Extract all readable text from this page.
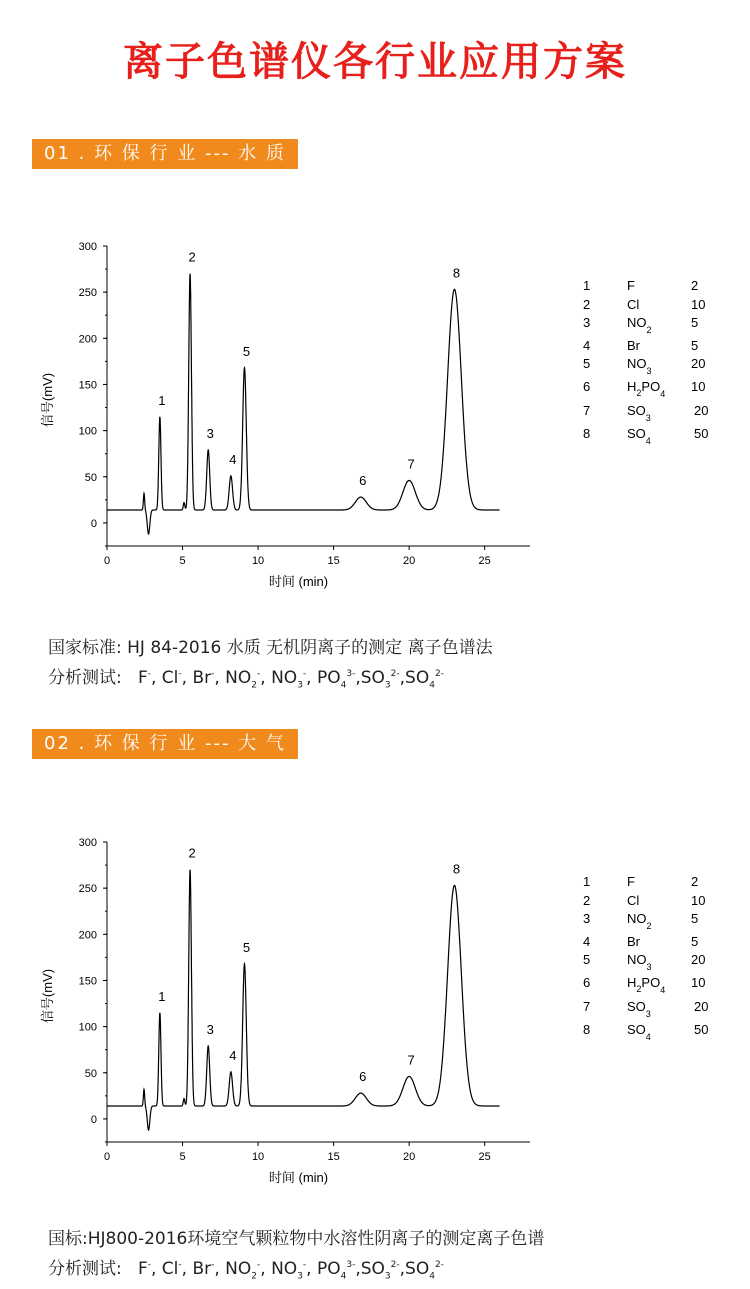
离子色谱仪各行业应用方案
01 . 环 保 行 业 --- 水 质
0
50
100
150
200
250
300
0	5	10	15	20	25
时间 (min)
信号(mV)	1
2
3
4
5
6
7
8
1	F	2
2	Cl	10
3	$NO_2$	5
4	Br	5
5	$NO_3$	20
6	$H_2PO_4$ 10
7	$SO_3$	20
8	$SO_4$	50
国家标准: HJ 84-2016 水质 无机阴离子的测定 离子色谱法
分析测试: F-, Cl-, Br-, $NO_2^-$, $NO_3^-$, $PO_4^{3-},SO_3^{2-},SO_4^{2-}$
02 . 环 保 行 业 --- 大 气
0
50
100
150
200
250
300
0	5	10	15	20	25
时间 (min)
信号(mV)	1
2
3
4
5
6
7
8
1	F	2
2	Cl	10
3	$NO_2$	5
4	Br	5
5	$NO_3$	20
6	$H_2PO_4$ 10
7	$SO_3$	20
8	$SO_4$	50
国标:HJ800-2016环境空气颗粒物中水溶性阴离子的测定离子色谱
分析测试: F-, Cl-, Br-, $NO_2^-$, $NO_3^-$, $PO_4^{3-},SO_3^{2-},SO_4^{2-}$
